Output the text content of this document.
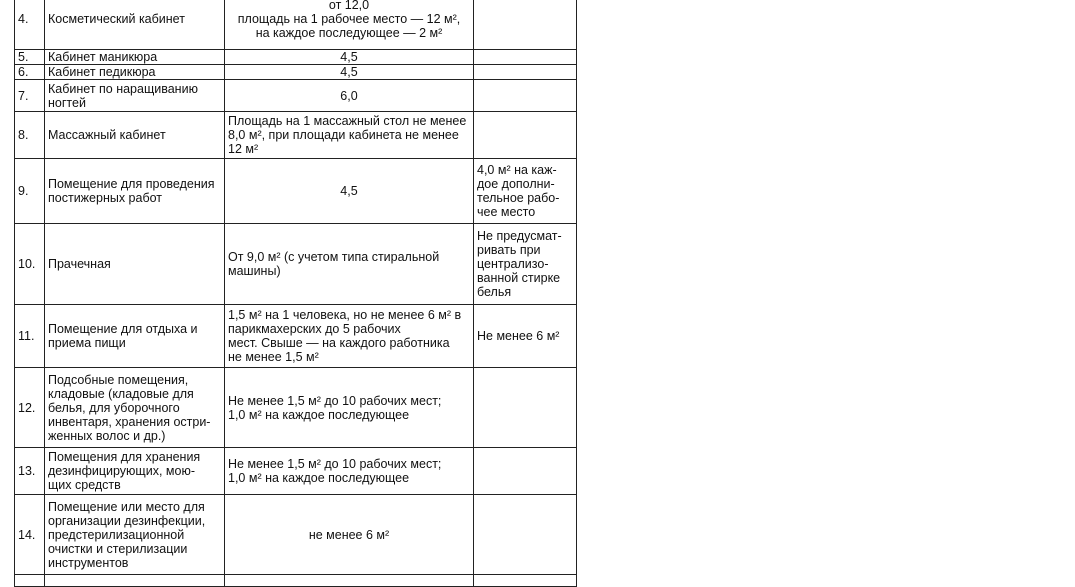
4.	Косметический кабинет	от 12,0
площадь на 1 рабочее место — 12 м²,
на каждое последующее — 2 м²	
5.	Кабинет маникюра	4,5	
6.	Кабинет педикюра	4,5	
7.	Кабинет по наращиванию
ногтей	6,0	
8.	Массажный кабинет	Площадь на 1 массажный стол не менее
8,0 м², при площади кабинета не менее
12 м²	
9.	Помещение для проведения
постижерных работ	4,5	4,0 м² на каж-
дое дополни-
тельное рабо-
чее место
10.	Прачечная	От 9,0 м² (с учетом типа стиральной
машины)	Не предусмат-
ривать при
централизо-
ванной стирке
белья
11.	Помещение для отдыха и
приема пищи	1,5 м² на 1 человека, но не менее 6 м² в
парикмахерских до 5 рабочих
мест. Свыше — на каждого работника
не менее 1,5 м²	Не менее 6 м²
12.	Подсобные помещения,
кладовые (кладовые для
белья, для уборочного
инвентаря, хранения остри-
женных волос и др.)	Не менее 1,5 м² до 10 рабочих мест;
1,0 м² на каждое последующее	
13.	Помещения для хранения
дезинфицирующих, мою-
щих средств	Не менее 1,5 м² до 10 рабочих мест;
1,0 м² на каждое последующее	
14.	Помещение или место для
организации дезинфекции,
предстерилизационной
очистки и стерилизации
инструментов	не менее 6 м²	
